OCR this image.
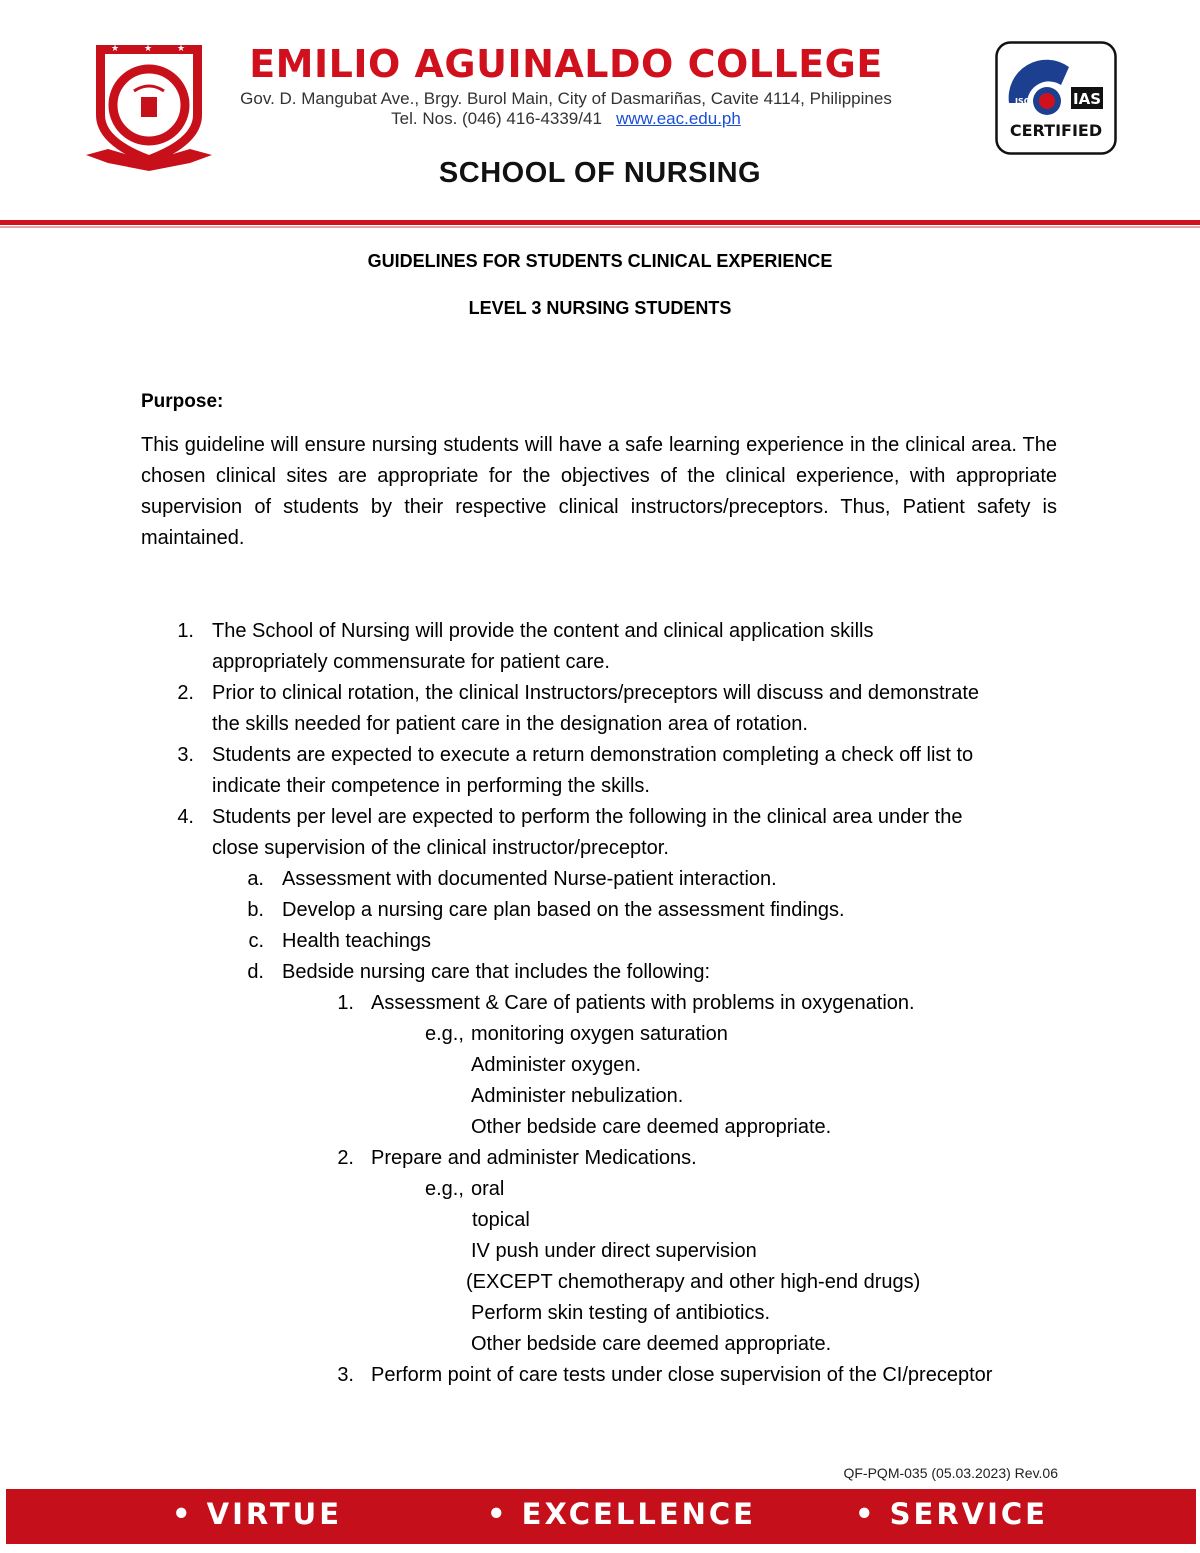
★	★	★
IAS
ISO
CERTIFIED
EMILIO AGUINALDO COLLEGE
Gov. D. Mangubat Ave., Brgy. Burol Main, City of Dasmariñas, Cavite 4114, Philippines
Tel. Nos. (046) 416-4339/41 www.eac.edu.ph
SCHOOL OF NURSING
GUIDELINES FOR STUDENTS CLINICAL EXPERIENCE
LEVEL 3 NURSING STUDENTS
Purpose:
This guideline will ensure nursing students will have a safe learning experience in the clinical area. The chosen clinical sites are appropriate for the objectives of the clinical experience, with appropriate supervision of students by their respective clinical instructors/preceptors. Thus, Patient safety is maintained.
1. The School of Nursing will provide the content and clinical application skills
appropriately commensurate for patient care.
2. Prior to clinical rotation, the clinical Instructors/preceptors will discuss and demonstrate
the skills needed for patient care in the designation area of rotation.
3. Students are expected to execute a return demonstration completing a check off list to
indicate their competence in performing the skills.
4. Students per level are expected to perform the following in the clinical area under the
close supervision of the clinical instructor/preceptor.
a. Assessment with documented Nurse-patient interaction.
b. Develop a nursing care plan based on the assessment findings.
c. Health teachings
d. Bedside nursing care that includes the following:
1. Assessment & Care of patients with problems in oxygenation.
e.g., monitoring oxygen saturation
Administer oxygen.
Administer nebulization.
Other bedside care deemed appropriate.
2. Prepare and administer Medications.
e.g., oral
topical
IV push under direct supervision
(EXCEPT chemotherapy and other high-end drugs)
Perform skin testing of antibiotics.
Other bedside care deemed appropriate.
3. Perform point of care tests under close supervision of the CI/preceptor
QF-PQM-035 (05.03.2023) Rev.06
• VIRTUE	• EXCELLENCE	• SERVICE
